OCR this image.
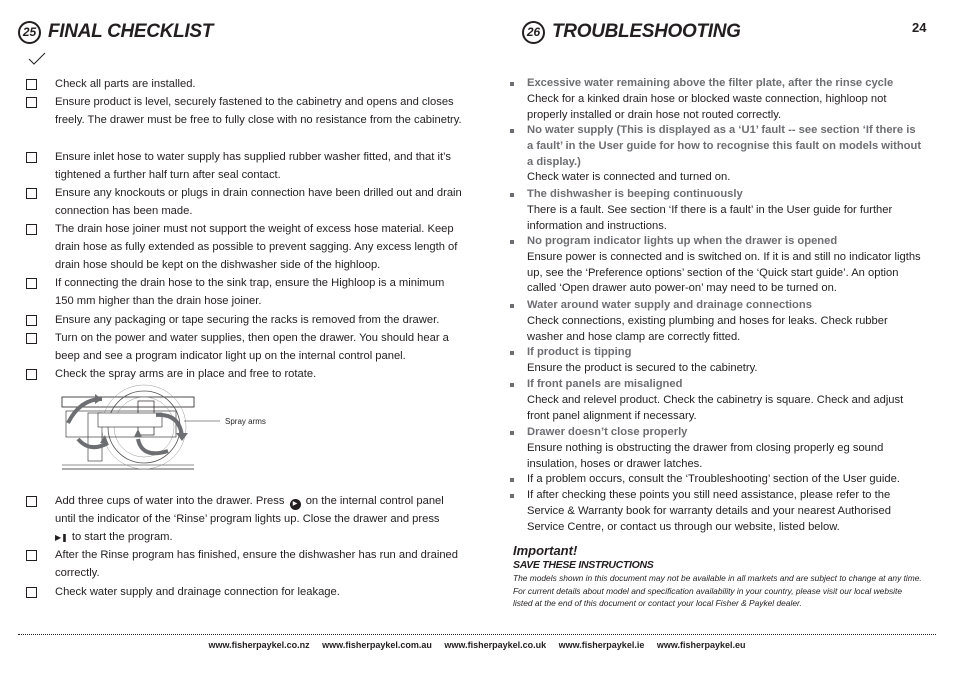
24
25 FINAL CHECKLIST
Check all parts are installed.
Ensure product is level, securely fastened to the cabinetry and opens and closes freely. The drawer must be free to fully close with no resistance from the cabinetry.
Ensure inlet hose to water supply has supplied rubber washer fitted, and that it’s tightened a further half turn after seal contact.
Ensure any knockouts or plugs in drain connection have been drilled out and drain connection has been made.
The drain hose joiner must not support the weight of excess hose material. Keep drain hose as fully extended as possible to prevent sagging. Any excess length of drain hose should be kept on the dishwasher side of the highloop.
If connecting the drain hose to the sink trap, ensure the Highloop is a minimum 150 mm higher than the drain hose joiner.
Ensure any packaging or tape securing the racks is removed from the drawer.
Turn on the power and water supplies, then open the drawer. You should hear a beep and see a program indicator light up on the internal control panel.
Check the spray arms are in place and free to rotate.
Spray arms
Add three cups of water into the drawer. Press ▶ on the internal control panel until the indicator of the ‘Rinse’ program lights up. Close the drawer and press
▶❚ to start the program.
After the Rinse program has finished, ensure the dishwasher has run and drained correctly.
Check water supply and drainage connection for leakage.
26 TROUBLESHOOTING
Excessive water remaining above the filter plate, after the rinse cycle
Check for a kinked drain hose or blocked waste connection, highloop not properly installed or drain hose not routed correctly.
No water supply (This is displayed as a ‘U1’ fault -- see section ‘If there is a fault’ in the User guide for how to recognise this fault on models without a display.)
Check water is connected and turned on.
The dishwasher is beeping continuously
There is a fault. See section ‘If there is a fault’ in the User guide for further information and instructions.
No program indicator lights up when the drawer is opened
Ensure power is connected and is switched on. If it is and still no indicator ligths up, see the ‘Preference options’ section of the ‘Quick start guide’. An option called ‘Open drawer auto power-on’ may need to be turned on.
Water around water supply and drainage connections
Check connections, existing plumbing and hoses for leaks. Check rubber washer and hose clamp are correctly fitted.
If product is tipping
Ensure the product is secured to the cabinetry.
If front panels are misaligned
Check and relevel product. Check the cabinetry is square. Check and adjust front panel alignment if necessary.
Drawer doesn’t close properly
Ensure nothing is obstructing the drawer from closing properly eg sound insulation, hoses or drawer latches.
If a problem occurs, consult the ‘Troubleshooting’ section of the User guide.
If after checking these points you still need assistance, please refer to the Service & Warranty book for warranty details and your nearest Authorised Service Centre, or contact us through our website, listed below.
Important!
SAVE THESE INSTRUCTIONS
The models shown in this document may not be available in all markets and are subject to change at any time. For current details about model and specification availability in your country, please visit our local website listed at the end of this document or contact your local Fisher & Paykel dealer.
www.fisherpaykel.co.nz www.fisherpaykel.com.au www.fisherpaykel.co.uk www.fisherpaykel.ie www.fisherpaykel.eu
